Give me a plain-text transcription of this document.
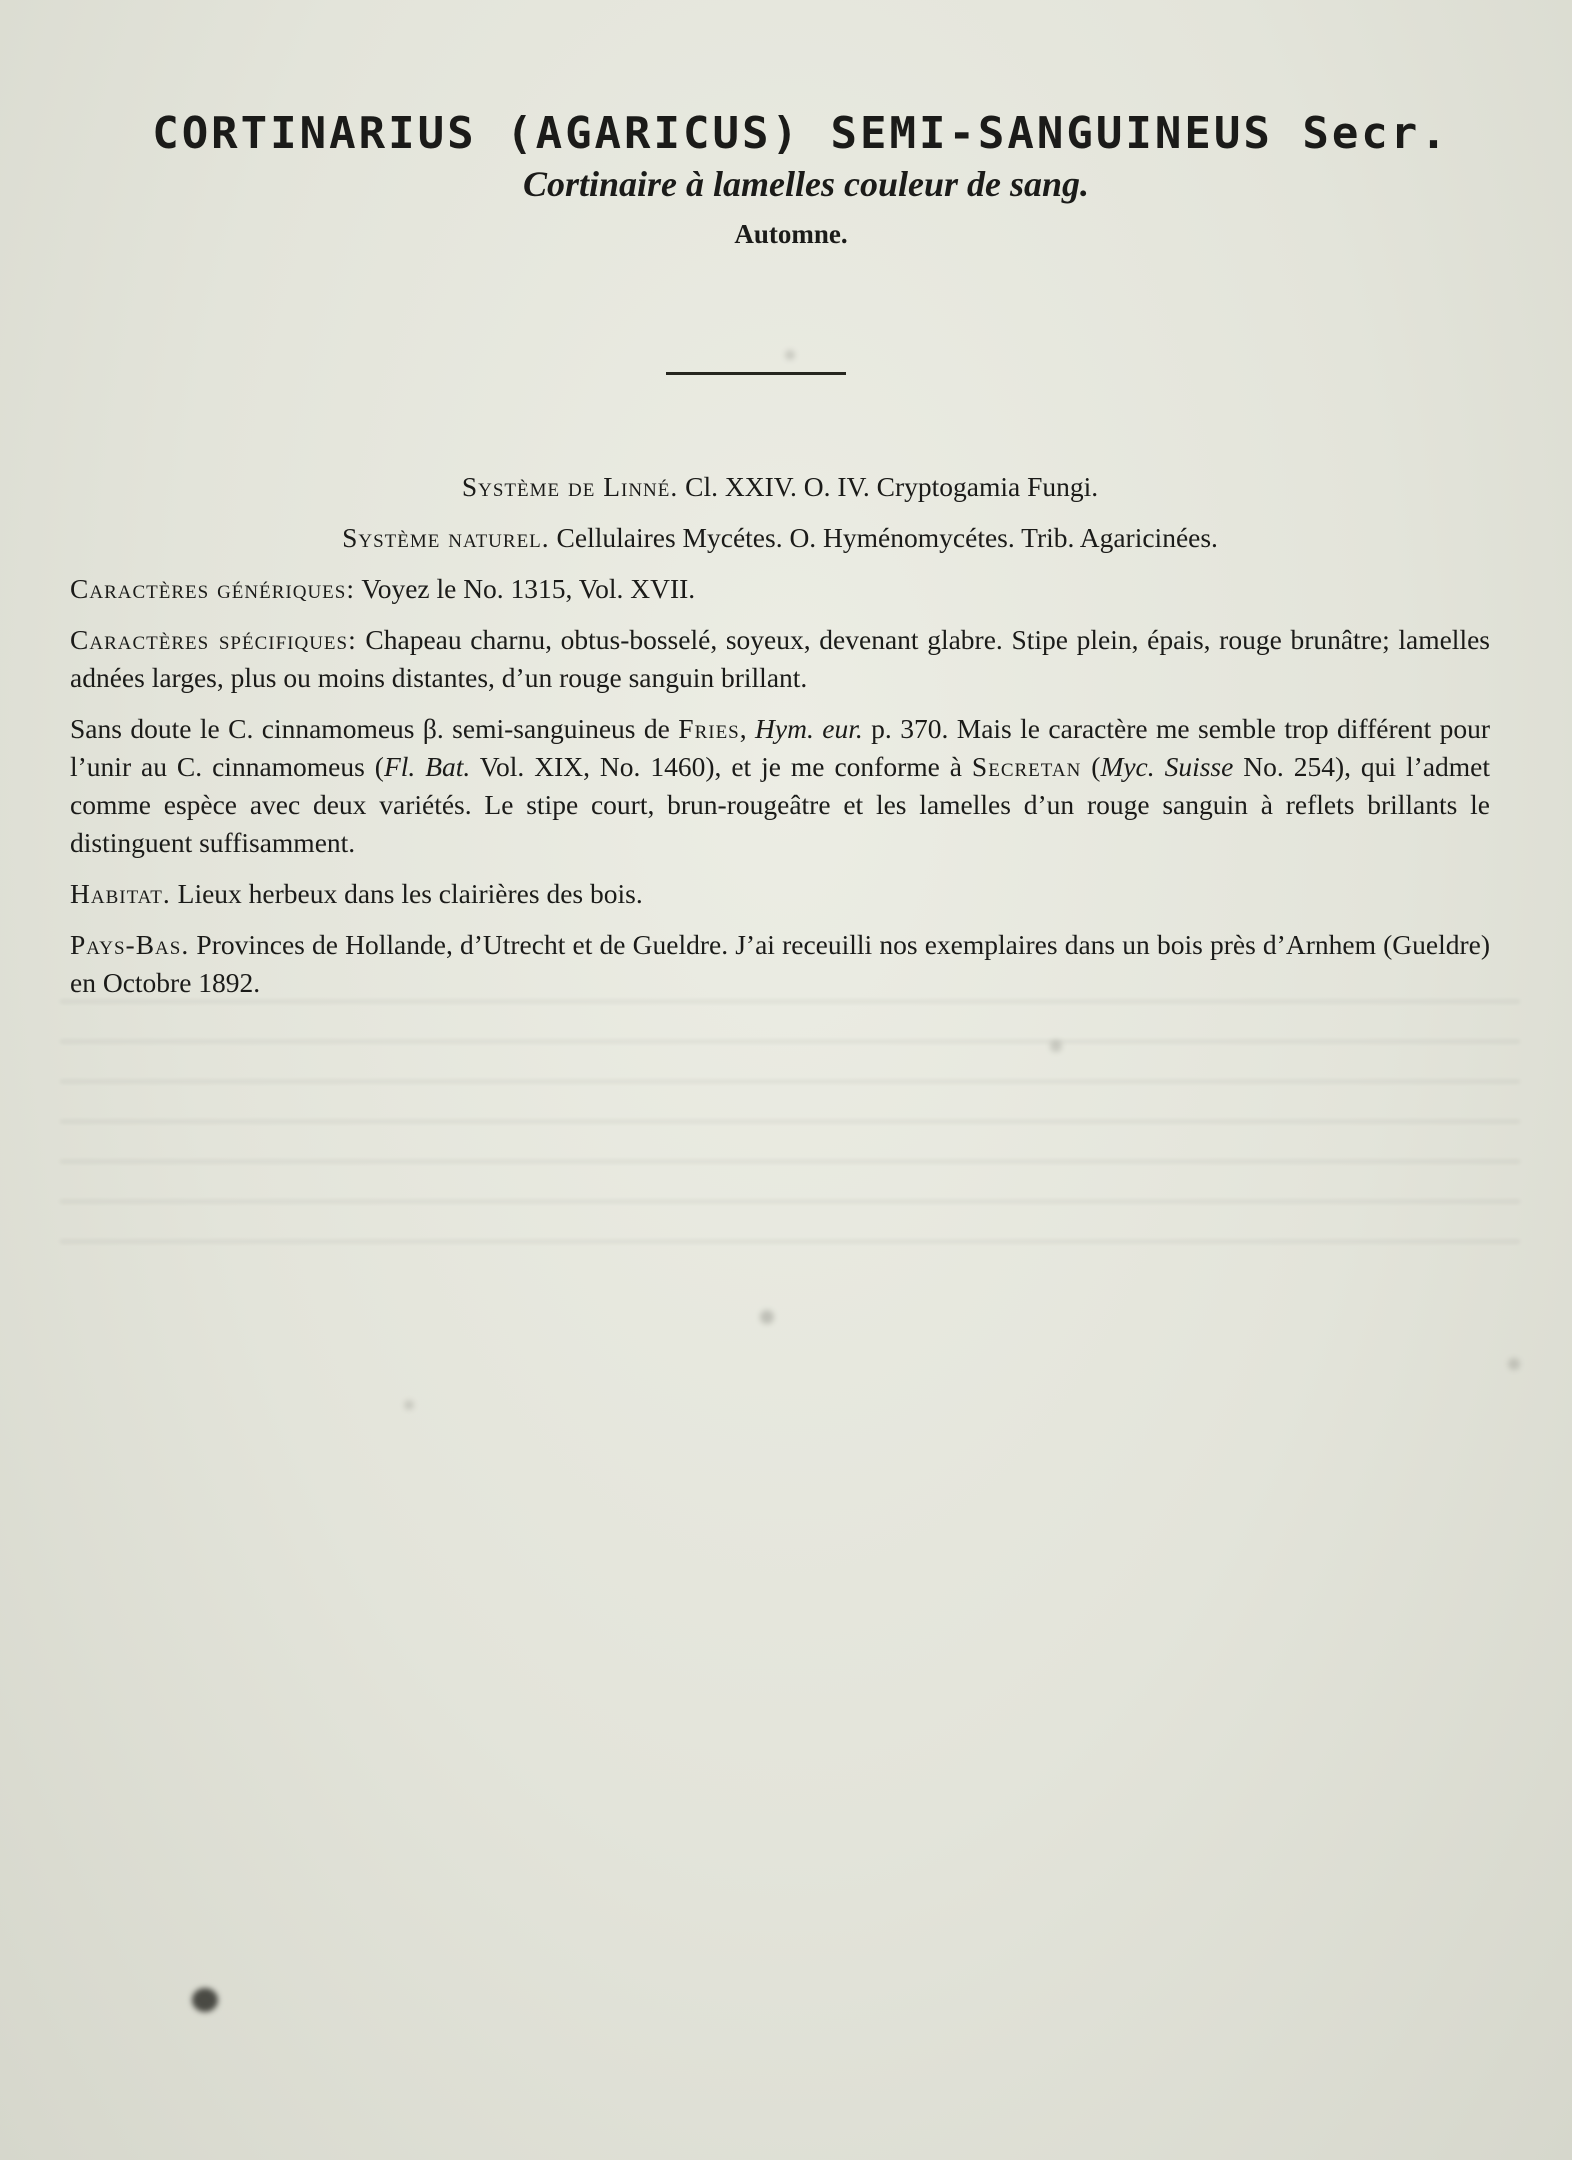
CORTINARIUS (AGARICUS) SEMI-SANGUINEUS Secr.
Cortinaire à lamelles couleur de sang.
Automne.

Système de Linné. Cl. XXIV. O. IV. Cryptogamia Fungi.

Système naturel. Cellulaires Mycétes. O. Hyménomycétes. Trib. Agaricinées.

Caractères génériques: Voyez le No. 1315, Vol. XVII.

Caractères spécifiques: Chapeau charnu, obtus-bosselé, soyeux, devenant glabre. Stipe plein, épais, rouge brunâtre; lamelles adnées larges, plus ou moins distantes, d’un rouge sanguin brillant.

Sans doute le C. cinnamomeus β. semi-sanguineus de Fries, Hym. eur. p. 370. Mais le caractère me semble trop différent pour l’unir au C. cinnamomeus (Fl. Bat. Vol. XIX, No. 1460), et je me conforme à Secretan (Myc. Suisse No. 254), qui l’admet comme espèce avec deux variétés. Le stipe court, brun-rougeâtre et les lamelles d’un rouge sanguin à reflets brillants le distinguent suffisamment.

Habitat. Lieux herbeux dans les clairières des bois.

Pays-Bas. Provinces de Hollande, d’Utrecht et de Gueldre. J’ai receuilli nos exemplaires dans un bois près d’Arnhem (Gueldre) en Octobre 1892.
